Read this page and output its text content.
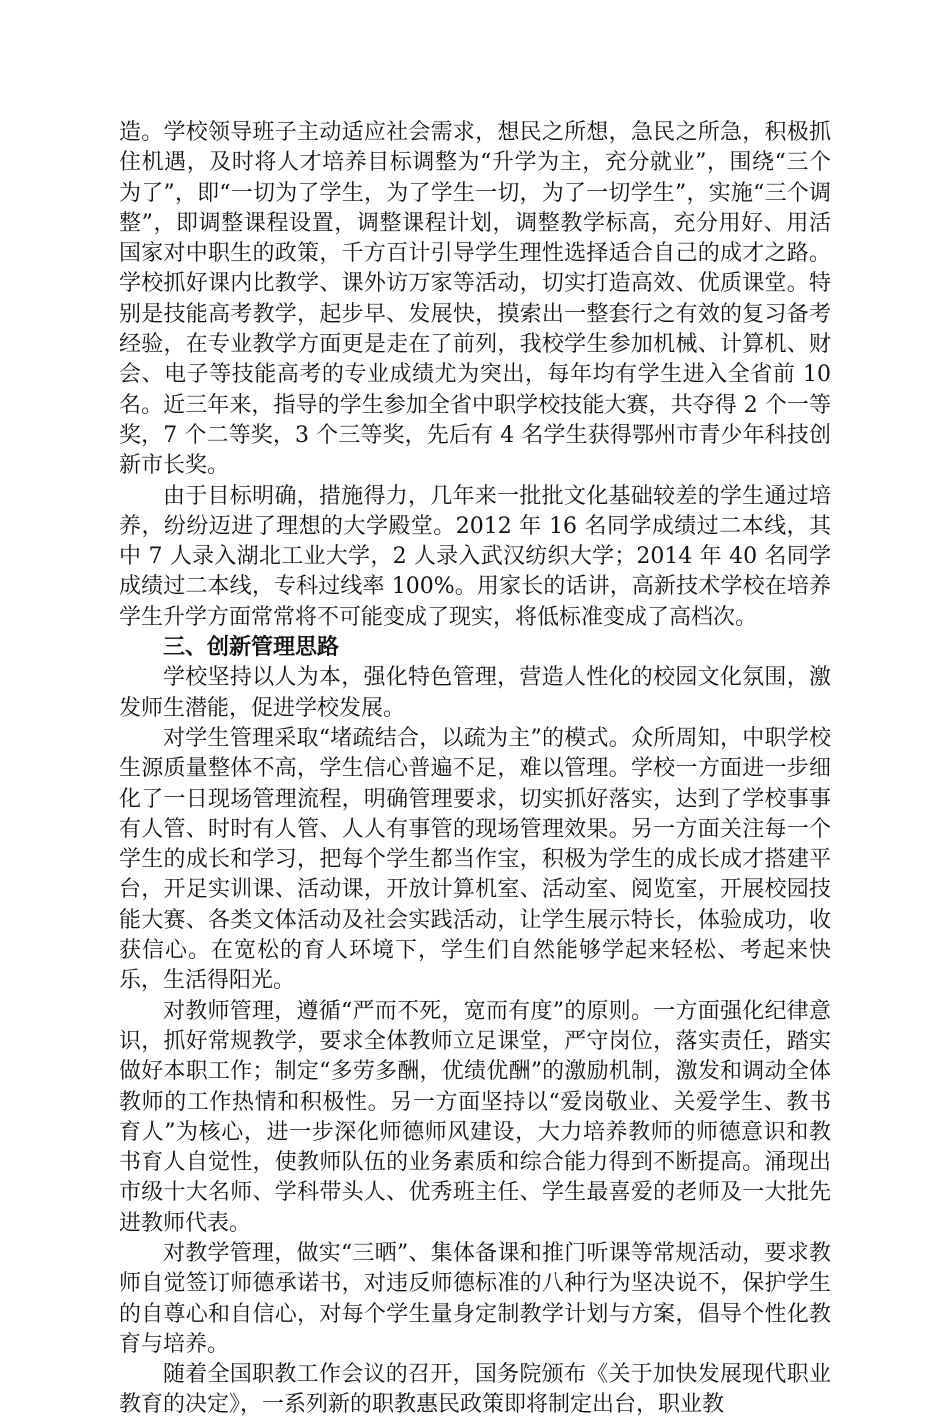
造。学校领导班子主动适应社会需求，想民之所想，急民之所急，积极抓住机遇，及时将人才培养目标调整为“升学为主，充分就业”，围绕“三个为了”，即“一切为了学生，为了学生一切，为了一切学生”，实施“三个调整”，即调整课程设置，调整课程计划，调整教学标高，充分用好、用活国家对中职生的政策，千方百计引导学生理性选择适合自己的成才之路。学校抓好课内比教学、课外访万家等活动，切实打造高效、优质课堂。特别是技能高考教学，起步早、发展快，摸索出一整套行之有效的复习备考经验，在专业教学方面更是走在了前列，我校学生参加机械、计算机、财会、电子等技能高考的专业成绩尤为突出，每年均有学生进入全省前 10 名。近三年来，指导的学生参加全省中职学校技能大赛，共夺得 2 个一等奖，7 个二等奖，3 个三等奖，先后有 4 名学生获得鄂州市青少年科技创新市长奖。

由于目标明确，措施得力，几年来一批批文化基础较差的学生通过培养，纷纷迈进了理想的大学殿堂。2012 年 16 名同学成绩过二本线，其中 7 人录入湖北工业大学，2 人录入武汉纺织大学；2014 年 40 名同学成绩过二本线，专科过线率 100%。用家长的话讲，高新技术学校在培养学生升学方面常常将不可能变成了现实，将低标准变成了高档次。

三、创新管理思路

学校坚持以人为本，强化特色管理，营造人性化的校园文化氛围，激发师生潜能，促进学校发展。

对学生管理采取“堵疏结合，以疏为主”的模式。众所周知，中职学校生源质量整体不高，学生信心普遍不足，难以管理。学校一方面进一步细化了一日现场管理流程，明确管理要求，切实抓好落实，达到了学校事事有人管、时时有人管、人人有事管的现场管理效果。另一方面关注每一个学生的成长和学习，把每个学生都当作宝，积极为学生的成长成才搭建平台，开足实训课、活动课，开放计算机室、活动室、阅览室，开展校园技能大赛、各类文体活动及社会实践活动，让学生展示特长，体验成功，收获信心。在宽松的育人环境下，学生们自然能够学起来轻松、考起来快乐，生活得阳光。

对教师管理，遵循“严而不死，宽而有度”的原则。一方面强化纪律意识，抓好常规教学，要求全体教师立足课堂，严守岗位，落实责任，踏实做好本职工作；制定“多劳多酬，优绩优酬”的激励机制，激发和调动全体教师的工作热情和积极性。另一方面坚持以“爱岗敬业、关爱学生、教书育人”为核心，进一步深化师德师风建设，大力培养教师的师德意识和教书育人自觉性，使教师队伍的业务素质和综合能力得到不断提高。涌现出市级十大名师、学科带头人、优秀班主任、学生最喜爱的老师及一大批先进教师代表。

对教学管理，做实“三晒”、集体备课和推门听课等常规活动，要求教师自觉签订师德承诺书，对违反师德标准的八种行为坚决说不，保护学生的自尊心和自信心，对每个学生量身定制教学计划与方案，倡导个性化教育与培养。

随着全国职教工作会议的召开，国务院颁布《关于加快发展现代职业教育的决定》，一系列新的职教惠民政策即将制定出台，职业教
